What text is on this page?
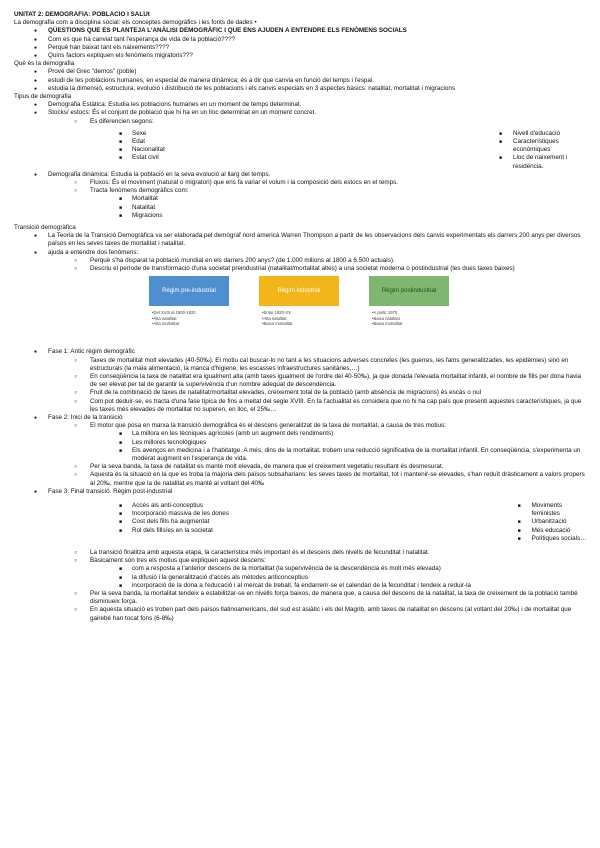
UNITAT 2: DEMOGRAFIA: POBLACIÓ I SALUt
La demografia com a disciplina social: els conceptes demogràfics i les fonts de dades •
● QÜESTIONS QUE ES PLANTEJA L'ANÀLISI DEMOGRÀFIC I QUE ENS AJUDEN A ENTENDRE ELS FENÒMENS SOCIALS
● Com es que ha canviat tant l'esperança de vida de la població????
● Perquè han baixat tant els naixements????
● Quins factors expliquen els fenòmens migratoris???
Què és la demografia
● Prové del Grec "demos" (poble)
● estudi de les poblacions humanes, en especial de manera dinàmica; és a dir que canvia en funció del temps i l'espai.
● estudia la dimensió, estructura, evolució i distribució de les poblacions i els canvis especials en 3 aspectes bàsics: natalitat, mortalitat i migracions
Tipus de demografia
● Demografia Estàtica: Estudia les poblacions humanes en un moment de temps determinat.
● Stocks/ estocs: És el conjunt de població que hi ha en un lloc determinat en un moment concret.
○ Es diferencien segons:
■ Sexe
■ Edat
■ Nacionalitat
■ Estat civil
■ Nivell d'educació
■ Característiques econòmiques
■ Lloc de naixement i residència.
● Demografia dinàmica: Estudia la població en la seva evolució al llarg del temps.
○ Fluxos: És el moviment (natural o migratori) que ens fa variar el volum i la composició dels estocs en el temps.
○ Tracta fenòmens demogràfics com:
■ Mortalitat
■ Natalitat
■ Migracions
Transició demogràfica
● La Teoria de la Transició Demogràfica va ser elaborada pel demògraf nord americà Warren Thompson a partir de les observacions dels canvis experimentats els darrers 200 anys per diversos països en les seves taxes de mortalitat i natalitat.
● ajuda a entendre dos fenòmens:
○ Perquè s'ha disparat la població mundial en els darrers 200 anys? (de 1.000 milions al 1800 a 6.500 actuals).
○ Descriu el període de transformació d'una societat preindustrial (natalitat/mortalitat altes) a una societat moderna o postindustrial (les dues taxes baixes)
Règim pre-industrial	Règim industrial	Règim postindustrial
• Del XVIII al 1900-1920
• Alta natalitat
• Alta mortalitat
• Entre 1920-XX
• Alta natalitat
• Baixa mortalitat
• A partir 1970
• Baixa natalitat
• Baixa mortalitat
● Fase 1: Antic règim demogràfic
○ Taxes de mortalitat molt elevades (40-50‰). El motiu cal buscar-lo no tant a les situacions adverses concretes (les guerres, les fams generalitzades, les epidèmies) sinó en estructurals (la mala alimentació, la manca d'higiene, les escasses infraestructures sanitàries,…)
○ En conseqüència la taxa de natalitat era igualment alta (amb taxes igualment de l'ordre del 40-50‰), ja que donada l'elevada mortalitat infantil, el nombre de fills per dona havia de ser elevat per tal de garantir la supervivència d'un nombre adequat de descendència.
○ Fruit de la combinació de taxes de natalitat/mortalitat elevades, creixement total de la població (amb absència de migracions) és escàs o nul
○ Com pot deduir-se, es tracta d'una fase típica de fins a meitat del segle XVIII. En fa l'actualitat es considera que no hi ha cap país que presenti aquestes característiques, ja que les taxes més elevades de mortalitat no superen, en lloc, el 25‰…
● Fase 2: Inici de la transició
○ El motor que posa en marxa la transició demogràfica és el descens generalitzat de la taxa de mortalitat, a causa de tres motius:
■ La millora en les tècniques agrícoles (amb un augment dels rendiments)
■ Les millores tecnològiques
■ Els avenços en medicina i a l'habitatge. A més, dins de la mortalitat, trobem una reducció significativa de la mortalitat infantil. En conseqüència, s'experimenta un moderat augment en l'esperança de vida.
○ Per la seva banda, la taxa de natalitat es manté molt elevada, de manera que el creixement vegetatiu resultant és desmesurat.
○ Aquesta és la situació en la que es troba la majoria dels països subsaharians: les seves taxes de mortalitat, tot i mantenir-se elevades, s'han reduït dràsticament a valors propers al 20‰, mentre que la de natalitat es manté al voltant del 40‰
● Fase 3: Final transició. Règim post-industrial
■ Accés als anti-conceptius
■ Incorporació massiva de les dones
■ Cost dels fills ha augmentat
■ Rol dels fills/es en la societat
■ Moviments feministes
■ Urbanització
■ Més educació
■ Polítiques socials…
○ La transició finalitza amb aquesta etapa, la característica més important és el descens dels nivells de fecunditat i natalitat.
○ Bàsicament són tres els motius que expliquen aquest descens:
■ com a resposta a l'anterior descens de la mortalitat (la supervivència de la descendència és molt més elevada)
■ la difusió i la generalització d'accés als mètodes anticonceptius
■ incorporació de la dona a l'educació i al mercat de treball, fa endarrerir-se el calendari de la fecunditat i tendeix a reduir-la
○ Per la seva banda, la mortalitat tendeix a estabilitzar-se en nivells força baixos, de manera que, a causa del descens de la natalitat, la taxa de creixement de la població també disminueix força.
○ En aquesta situació es troben part dels països llatinoamericans, del sud est asiàtic i els del Magrib, amb taxes de natalitat en descens (al voltant del 20‰) i de mortalitat que gairebé han tocat fons (6-8‰)
